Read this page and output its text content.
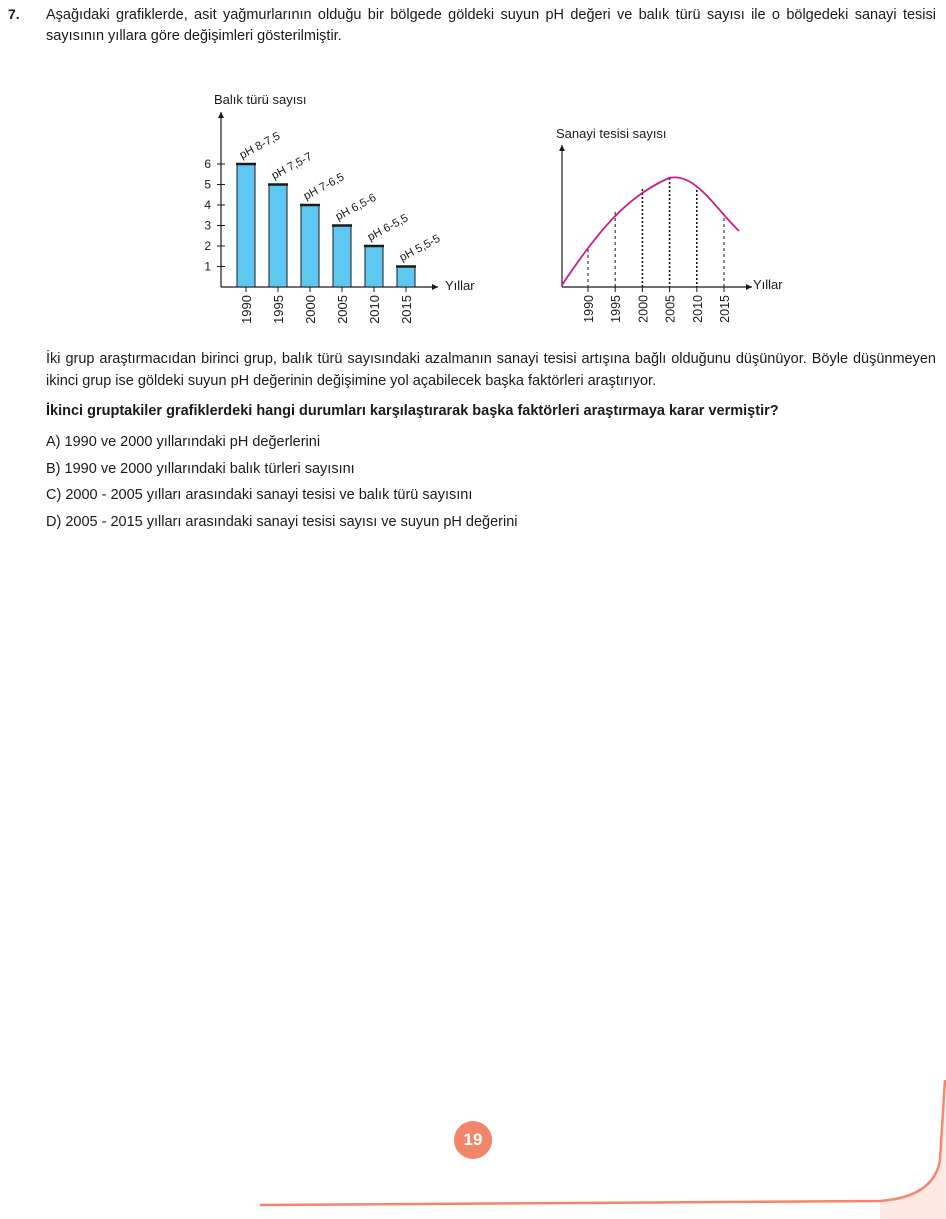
7. Aşağıdaki grafiklerde, asit yağmurlarının olduğu bir bölgede göldeki suyun pH değeri ve balık türü sayısı ile o bölgedeki sanayi tesisi sayısının yıllara göre değişimleri gösterilmiştir.
Balık türü sayısı
Yıllar
1
2
3
4
5
6
1990 1995 2000 2005 2010 2015
pH 8-7,5
pH 7,5-7
pH 7-6,5
pH 6,5-6
pH 6-5,5
pH 5,5-5
Sanayi tesisi sayısı
Yıllar
1990 1995 2000 2005 2010 2015
İki grup araştırmacıdan birinci grup, balık türü sayısındaki azalmanın sanayi tesisi artışına bağlı olduğunu düşünüyor. Böyle düşünmeyen ikinci grup ise göldeki suyun pH değerinin değişimine yol açabilecek başka faktörleri araştırıyor.
İkinci gruptakiler grafiklerdeki hangi durumları karşılaştırarak başka faktörleri araştırmaya karar vermiştir?
A) 1990 ve 2000 yıllarındaki pH değerlerini
B) 1990 ve 2000 yıllarındaki balık türleri sayısını
C) 2000 - 2005 yılları arasındaki sanayi tesisi ve balık türü sayısını
D) 2005 - 2015 yılları arasındaki sanayi tesisi sayısı ve suyun pH değerini
19
